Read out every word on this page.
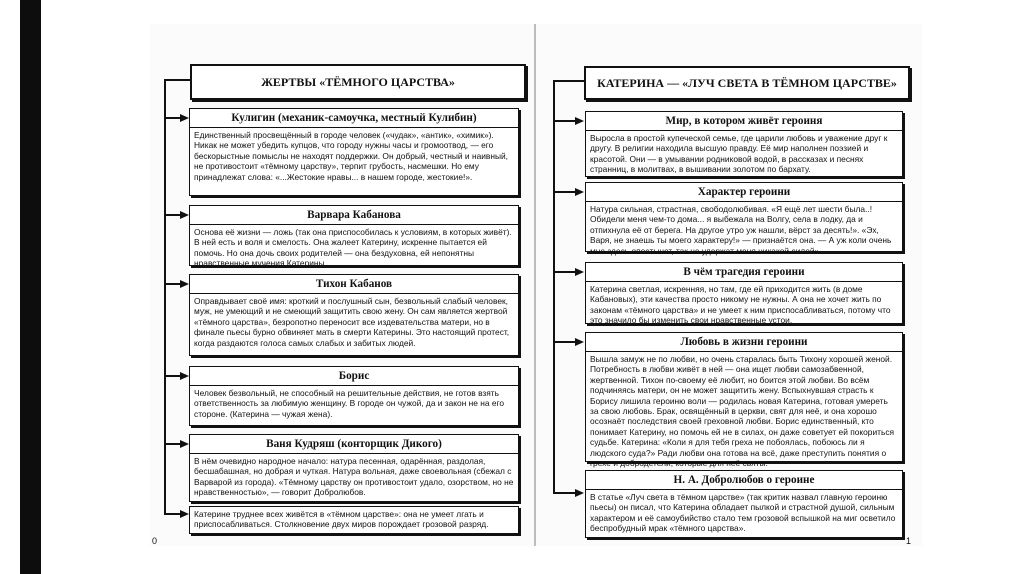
ЖЕРТВЫ «ТЁМНОГО ЦАРСТВА»
Кулигин (механик-самоучка, местный Кулибин)
Единственный просвещённый в городе человек («чудак», «антик», «химик»). Никак не может убедить купцов, что городу нужны часы и громоотвод, — его бескорыстные помыслы не находят поддержки. Он добрый, честный и наивный, не противостоит «тёмному царству», терпит грубость, насмешки. Но ему принадлежат слова: «...Жестокие нравы... в нашем городе, жестокие!».
Варвара Кабанова
Основа её жизни — ложь (так она приспособилась к условиям, в которых живёт). В ней есть и воля и смелость. Она жалеет Катерину, искренне пытается ей помочь. Но она дочь своих родителей — она бездуховна, ей непонятны нравственные мучения Катерины.
Тихон Кабанов
Оправдывает своё имя: кроткий и послушный сын, безвольный слабый человек, муж, не умеющий и не смеющий защитить свою жену. Он сам является жертвой «тёмного царства», безропотно переносит все издевательства матери, но в финале пьесы бурно обвиняет мать в смерти Катерины. Это настоящий протест, когда раздаются голоса самых слабых и забитых людей.
Борис
Человек безвольный, не способный на решительные действия, не готов взять ответственность за любимую женщину. В городе он чужой, да и закон не на его стороне. (Катерина — чужая жена).
Ваня Кудряш (конторщик Дикого)
В нём очевидно народное начало: натура песенная, одарённая, раздолая, бесшабашная, но добрая и чуткая. Натура вольная, даже своевольная (сбежал с Варварой из города). «Тёмному царству он противостоит удало, озорством, но не нравственностью», — говорит Добролюбов.
Катерине труднее всех живётся в «тёмном царстве»: она не умеет лгать и приспосабливаться. Столкновение двух миров порождает грозовой разряд.
0
КАТЕРИНА — «ЛУЧ СВЕТА В ТЁМНОМ ЦАРСТВЕ»
Мир, в котором живёт героиня
Выросла в простой купеческой семье, где царили любовь и уважение друг к другу. В религии находила высшую правду. Её мир наполнен поэзией и красотой. Они — в умывании родниковой водой, в рассказах и песнях странниц, в молитвах, в вышивании золотом по бархату.
Характер героини
Натура сильная, страстная, свободолюбивая. «Я ещё лет шести была..! Обидели меня чем-то дома... я выбежала на Волгу, села в лодку, да и отпихнула её от берега. На другое утро уж нашли, вёрст за десять!». «Эх, Варя, не знаешь ты моего характеру!» — признаётся она. — А уж коли очень мне здесь опостынет, так не удержат меня никакой силой».
В чём трагедия героини
Катерина светлая, искренняя, но там, где ей приходится жить (в доме Кабановых), эти качества просто никому не нужны. А она не хочет жить по законам «тёмного царства» и не умеет к ним приспосабливаться, потому что это значило бы изменить свои нравственные устои.
Любовь в жизни героини
Вышла замуж не по любви, но очень старалась быть Тихону хорошей женой. Потребность в любви живёт в ней — она ищет любви самозабвенной, жертвенной. Тихон по-своему её любит, но боится этой любви. Во всём подчиняясь матери, он не может защитить жену. Вспыхнувшая страсть к Борису лишила героиню воли — родилась новая Катерина, готовая умереть за свою любовь. Брак, освящённый в церкви, свят для неё, и она хорошо осознаёт последствия своей греховной любви. Борис единственный, кто понимает Катерину, но помочь ей не в силах, он даже советует ей покориться судьбе. Катерина: «Коли я для тебя греха не побоялась, побоюсь ли я людского суда?» Ради любви она готова на всё, даже преступить понятия о грехе и добродетели, которые для неё святы.
Н. А. Добролюбов о героине
В статье «Луч света в тёмном царстве» (так критик назвал главную героиню пьесы) он писал, что Катерина обладает пылкой и страстной душой, сильным характером и её самоубийство стало тем грозовой вспышкой на миг осветило беспробудный мрак «тёмного царства».
1
